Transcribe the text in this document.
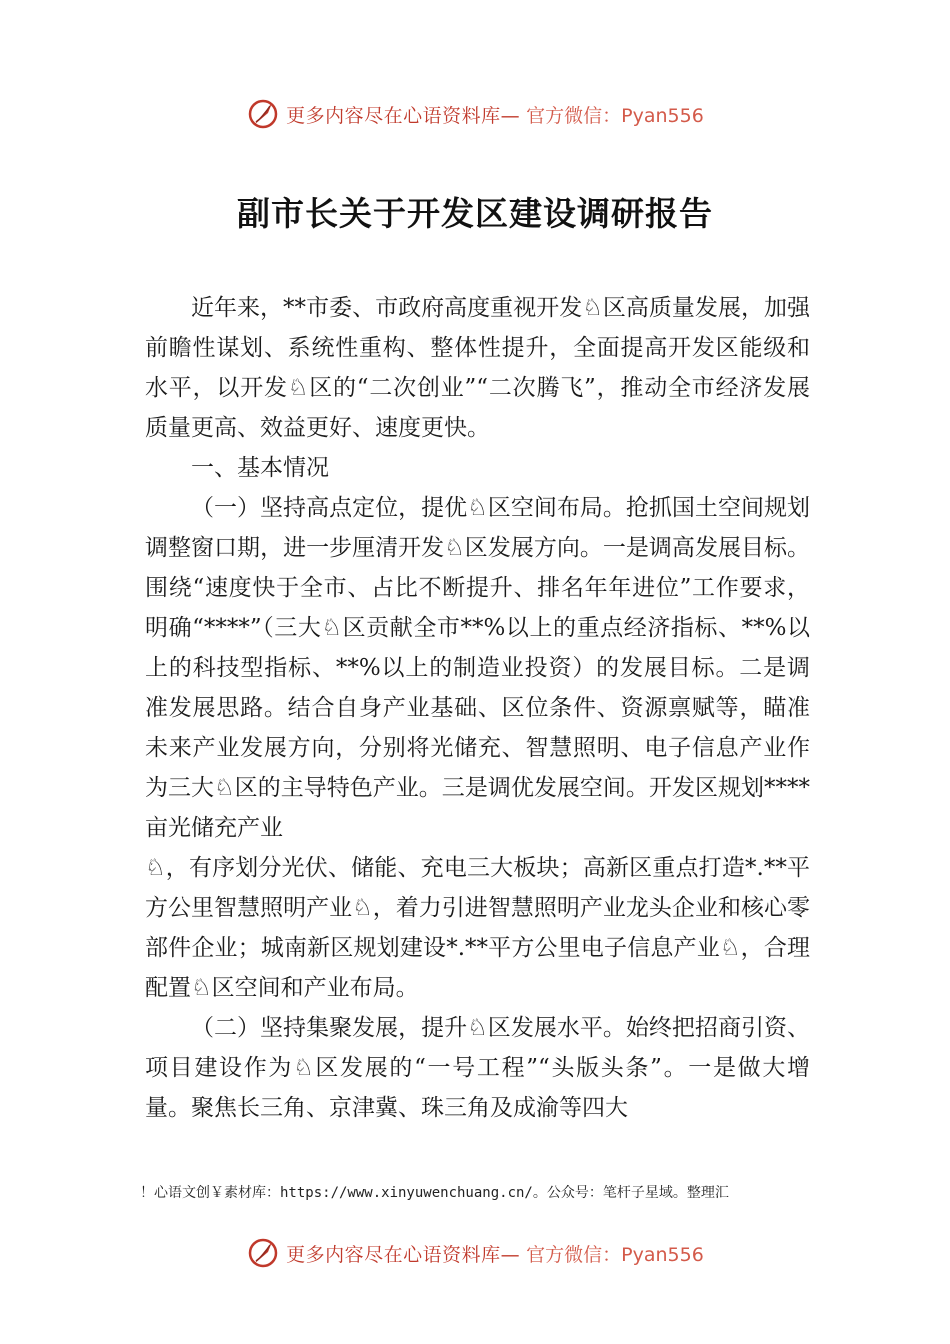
更多内容尽在心语资料库— 官方微信：Pyan556
副市长关于开发区建设调研报告

近年来，**市委、市政府高度重视开发♘区高质量发展，加强前瞻性谋划、系统性重构、整体性提升，全面提高开发区能级和水平，以开发♘区的“二次创业”“二次腾飞”，推动全市经济发展质量更高、效益更好、速度更快。

一、基本情况

（一）坚持高点定位，提优♘区空间布局。抢抓国土空间规划调整窗口期，进一步厘清开发♘区发展方向。一是调高发展目标。围绕“速度快于全市、占比不断提升、排名年年进位”工作要求，明确“****”（三大♘区贡献全市**%以上的重点经济指标、**%以上的科技型指标、**%以上的制造业投资）的发展目标。二是调准发展思路。结合自身产业基础、区位条件、资源禀赋等，瞄准未来产业发展方向，分别将光储充、智慧照明、电子信息产业作为三大♘区的主导特色产业。三是调优发展空间。开发区规划****亩光储充产业

♘，有序划分光伏、储能、充电三大板块；高新区重点打造*.**平方公里智慧照明产业♘，着力引进智慧照明产业龙头企业和核心零部件企业；城南新区规划建设*.**平方公里电子信息产业♘，合理配置♘区空间和产业布局。

（二）坚持集聚发展，提升♘区发展水平。始终把招商引资、项目建设作为♘区发展的“一号工程”“头版头条”。一是做大增量。聚焦长三角、京津冀、珠三角及成渝等四大

！心语文创￥素材库：https://www.xinyuwenchuang.cn/。公众号：笔杆子星域。整理汇
更多内容尽在心语资料库— 官方微信：Pyan556
